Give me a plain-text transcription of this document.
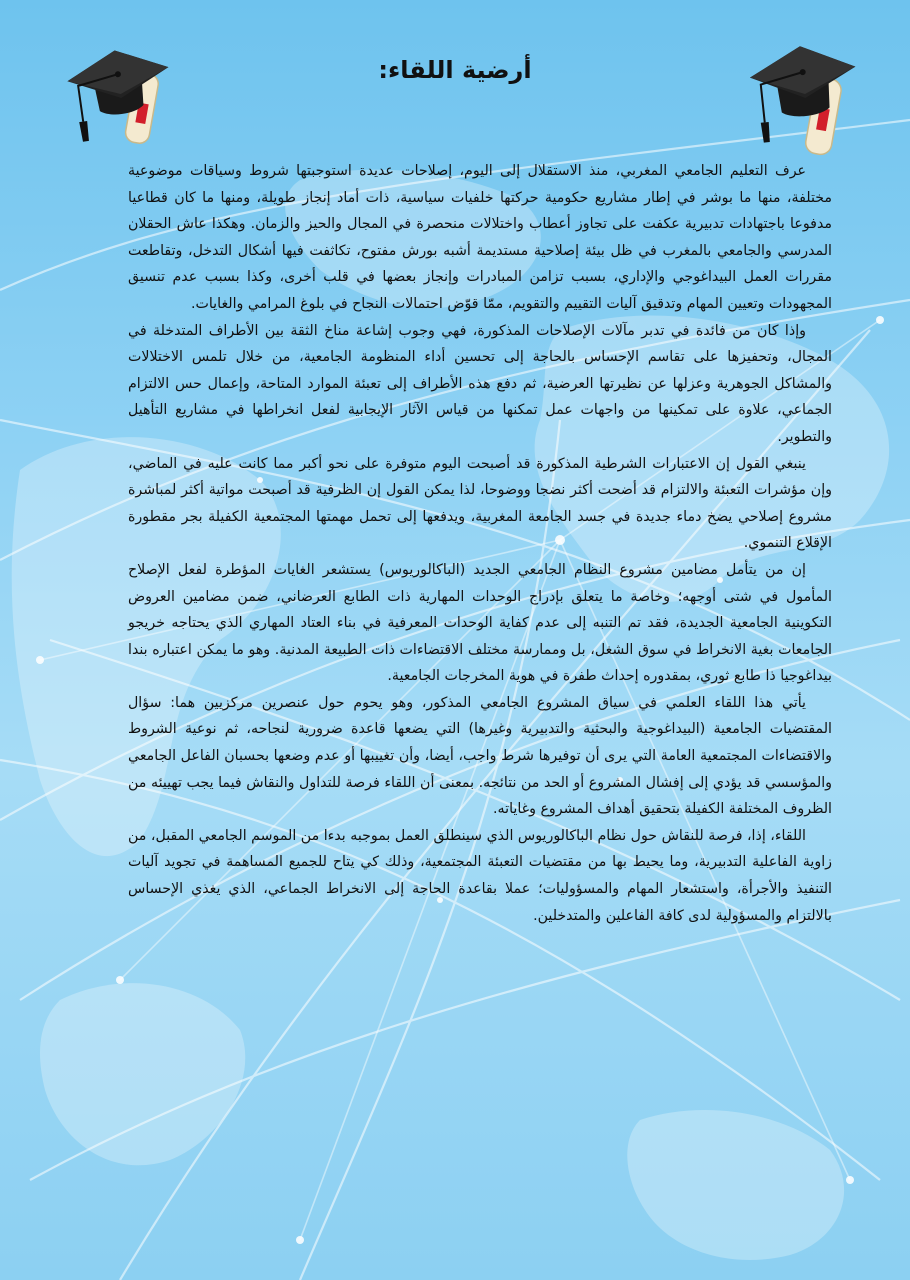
أرضية اللقاء:

عرف التعليم الجامعي المغربي، منذ الاستقلال إلى اليوم، إصلاحات عديدة استوجبتها شروط وسياقات موضوعية مختلفة، منها ما بوشر في إطار مشاريع حكومية حركتها خلفيات سياسية، ذات أماد إنجاز طويلة، ومنها ما كان قطاعيا مدفوعا باجتهادات تدبيرية عكفت على تجاوز أعطاب واختلالات منحصرة في المجال والحيز والزمان. وهكذا عاش الحقلان المدرسي والجامعي بالمغرب في ظل بيئة إصلاحية مستديمة أشبه بورش مفتوح، تكاثفت فيها أشكال التدخل، وتقاطعت مقررات العمل البيداغوجي والإداري، بسبب تزامن المبادرات وإنجاز بعضها في قلب أخرى، وكذا بسبب عدم تنسيق المجهودات وتعيين المهام وتدقيق آليات التقييم والتقويم، ممّا قوّض احتمالات النجاح في بلوغ المرامي والغايات.

وإذا كان من فائدة في تدبر مآلات الإصلاحات المذكورة، فهي وجوب إشاعة مناخ الثقة بين الأطراف المتدخلة في المجال، وتحفيزها على تقاسم الإحساس بالحاجة إلى تحسين أداء المنظومة الجامعية، من خلال تلمس الاختلالات والمشاكل الجوهرية وعزلها عن نظيرتها العرضية، ثم دفع هذه الأطراف إلى تعبئة الموارد المتاحة، وإعمال حس الالتزام الجماعي، علاوة على تمكينها من واجهات عمل تمكنها من قياس الآثار الإيجابية لفعل انخراطها في مشاريع التأهيل والتطوير.

ينبغي القول إن الاعتبارات الشرطية المذكورة قد أصبحت اليوم متوفرة على نحو أكبر مما كانت عليه في الماضي، وإن مؤشرات التعبئة والالتزام قد أضحت أكثر نضجا ووضوحا، لذا يمكن القول إن الظرفية قد أصبحت مواتية أكثر لمباشرة مشروع إصلاحي يضخ دماء جديدة في جسد الجامعة المغربية، ويدفعها إلى تحمل مهمتها المجتمعية الكفيلة بجر مقطورة الإقلاع التنموي.

إن من يتأمل مضامين مشروع النظام الجامعي الجديد (الباكالوريوس) يستشعر الغايات المؤطرة لفعل الإصلاح المأمول في شتى أوجهه؛ وخاصة ما يتعلق بإدراج الوحدات المهارية ذات الطابع العرضاني، ضمن مضامين العروض التكوينية الجامعية الجديدة، فقد تم التنبه إلى عدم كفاية الوحدات المعرفية في بناء العتاد المهاري الذي يحتاجه خريجو الجامعات بغية الانخراط في سوق الشغل، بل وممارسة مختلف الاقتضاءات ذات الطبيعة المدنية. وهو ما يمكن اعتباره بندا بيداغوجيا ذا طابع ثوري، بمقدوره إحداث طفرة في هوية المخرجات الجامعية.

يأتي هذا اللقاء العلمي في سياق المشروع الجامعي المذكور، وهو يحوم حول عنصرين مركزيين هما: سؤال المقتضيات الجامعية (البيداغوجية والبحثية والتدبيرية وغيرها) التي يضعها قاعدة ضرورية لنجاحه، ثم نوعية الشروط والاقتضاءات المجتمعية العامة التي يرى أن توفيرها شرط واجب، أيضا، وأن تغييبها أو عدم وضعها بحسبان الفاعل الجامعي والمؤسسي قد يؤدي إلى إفشال المشروع أو الحد من نتائجه. بمعنى أن اللقاء فرصة للتداول والنقاش فيما يجب تهييئه من الظروف المختلفة الكفيلة بتحقيق أهداف المشروع وغاياته.

اللقاء، إذا، فرصة للنقاش حول نظام الباكالوريوس الذي سينطلق العمل بموجبه بدءا من الموسم الجامعي المقبل، من زاوية الفاعلية التدبيرية، وما يحيط بها من مقتضيات التعبئة المجتمعية، وذلك كي يتاح للجميع المساهمة في تجويد آليات التنفيذ والأجرأة، واستشعار المهام والمسؤوليات؛ عملا بقاعدة الحاجة إلى الانخراط الجماعي، الذي يغذي الإحساس بالالتزام والمسؤولية لدى كافة الفاعلين والمتدخلين.
